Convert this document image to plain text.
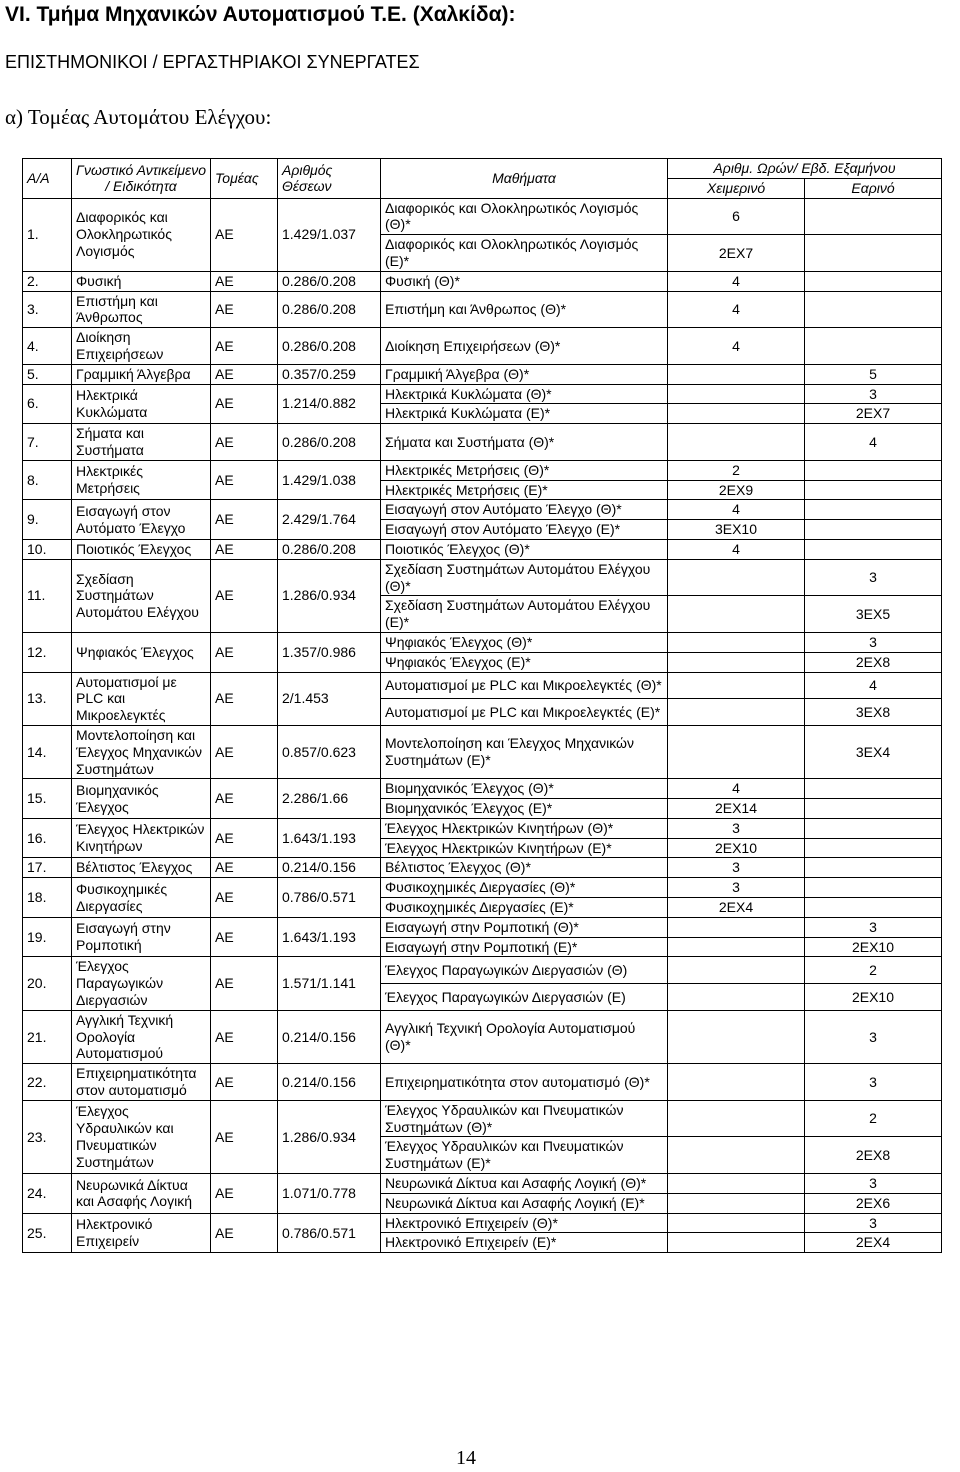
VI. Τμήμα Μηχανικών Αυτοματισμού Τ.Ε. (Χαλκίδα):
ΕΠΙΣΤΗΜΟΝΙΚΟΙ / ΕΡΓΑΣΤΗΡΙΑΚΟΙ ΣΥΝΕΡΓΑΤΕΣ
α) Τομέας Αυτομάτου Ελέγχου:
Α/Α	Γνωστικό Αντικείμενο / Ειδικότητα	Τομέας	Αριθμός Θέσεων	Μαθήματα	Αριθμ. Ωρών/ Εβδ. Εξαμήνου	
					Χειμερινό	Εαρινό
1.	Διαφορικός και Ολοκληρωτικός Λογισμός	ΑΕ	1.429/1.037	Διαφορικός και Ολοκληρωτικός Λογισμός (Θ)*	6	
				Διαφορικός και Ολοκληρωτικός Λογισμός (Ε)*	2ΕΧ7	
2.	Φυσική	ΑΕ	0.286/0.208	Φυσική (Θ)*	4	
3.	Επιστήμη και Άνθρωπος	ΑΕ	0.286/0.208	Επιστήμη και Άνθρωπος (Θ)*	4	
4.	Διοίκηση Επιχειρήσεων	ΑΕ	0.286/0.208	Διοίκηση Επιχειρήσεων (Θ)*	4	
5.	Γραμμική Άλγεβρα	ΑΕ	0.357/0.259	Γραμμική Άλγεβρα (Θ)*		5
6.	Ηλεκτρικά Κυκλώματα	ΑΕ	1.214/0.882	Ηλεκτρικά Κυκλώματα (Θ)*		3
				Ηλεκτρικά Κυκλώματα (Ε)*		2ΕΧ7
7.	Σήματα και Συστήματα	ΑΕ	0.286/0.208	Σήματα και Συστήματα (Θ)*		4
8.	Ηλεκτρικές Μετρήσεις	ΑΕ	1.429/1.038	Ηλεκτρικές Μετρήσεις (Θ)*	2	
				Ηλεκτρικές Μετρήσεις (Ε)*	2ΕΧ9	
9.	Εισαγωγή στον Αυτόματο Έλεγχο	ΑΕ	2.429/1.764	Εισαγωγή στον Αυτόματο Έλεγχο (Θ)*	4	
				Εισαγωγή στον Αυτόματο Έλεγχο (Ε)*	3ΕΧ10	
10.	Ποιοτικός Έλεγχος	ΑΕ	0.286/0.208	Ποιοτικός Έλεγχος (Θ)*	4	
11.	Σχεδίαση Συστημάτων Αυτομάτου Ελέγχου	ΑΕ	1.286/0.934	Σχεδίαση Συστημάτων Αυτομάτου Ελέγχου (Θ)*		3
				Σχεδίαση Συστημάτων Αυτομάτου Ελέγχου (Ε)*		3ΕΧ5
12.	Ψηφιακός Έλεγχος	ΑΕ	1.357/0.986	Ψηφιακός Έλεγχος (Θ)*		3
				Ψηφιακός Έλεγχος (Ε)*		2ΕΧ8
13.	Αυτοματισμοί με PLC και Μικροελεγκτές	ΑΕ	2/1.453	Αυτοματισμοί με PLC και Μικροελεγκτές (Θ)*		4
				Αυτοματισμοί με PLC και Μικροελεγκτές (Ε)*		3ΕΧ8
14.	Μοντελοποίηση και Έλεγχος Μηχανικών Συστημάτων	ΑΕ	0.857/0.623	Μοντελοποίηση και Έλεγχος Μηχανικών Συστημάτων (Ε)*		3ΕΧ4
15.	Βιομηχανικός Έλεγχος	ΑΕ	2.286/1.66	Βιομηχανικός Έλεγχος (Θ)*	4	
				Βιομηχανικός Έλεγχος (Ε)*	2ΕΧ14	
16.	Έλεγχος Ηλεκτρικών Κινητήρων	ΑΕ	1.643/1.193	Έλεγχος Ηλεκτρικών Κινητήρων (Θ)*	3	
				Έλεγχος Ηλεκτρικών Κινητήρων (Ε)*	2ΕΧ10	
17.	Βέλτιστος Έλεγχος	ΑΕ	0.214/0.156	Βέλτιστος Έλεγχος (Θ)*	3	
18.	Φυσικοχημικές Διεργασίες	ΑΕ	0.786/0.571	Φυσικοχημικές Διεργασίες (Θ)*	3	
				Φυσικοχημικές Διεργασίες (Ε)*	2ΕΧ4	
19.	Εισαγωγή στην Ρομποτική	ΑΕ	1.643/1.193	Εισαγωγή στην Ρομποτική (Θ)*		3
				Εισαγωγή στην Ρομποτική (Ε)*		2ΕΧ10
20.	Έλεγχος Παραγωγικών Διεργασιών	ΑΕ	1.571/1.141	Έλεγχος Παραγωγικών Διεργασιών (Θ)		2
				Έλεγχος Παραγωγικών Διεργασιών (Ε)		2ΕΧ10
21.	Αγγλική Τεχνική Ορολογία Αυτοματισμού	ΑΕ	0.214/0.156	Αγγλική Τεχνική Ορολογία Αυτοματισμού (Θ)*		3
22.	Επιχειρηματικότητα στον αυτοματισμό	ΑΕ	0.214/0.156	Επιχειρηματικότητα στον αυτοματισμό (Θ)*		3
23.	Έλεγχος Υδραυλικών και Πνευματικών Συστημάτων	ΑΕ	1.286/0.934	Έλεγχος Υδραυλικών και Πνευματικών Συστημάτων (Θ)*		2
				Έλεγχος Υδραυλικών και Πνευματικών Συστημάτων (Ε)*		2ΕΧ8
24.	Νευρωνικά Δίκτυα και Ασαφής Λογική	ΑΕ	1.071/0.778	Νευρωνικά Δίκτυα και Ασαφής Λογική (Θ)*		3
				Νευρωνικά Δίκτυα και Ασαφής Λογική (Ε)*		2ΕΧ6
25.	Ηλεκτρονικό Επιχειρείν	ΑΕ	0.786/0.571	Ηλεκτρονικό Επιχειρείν (Θ)*		3
				Ηλεκτρονικό Επιχειρείν (Ε)*		2ΕΧ4
14
